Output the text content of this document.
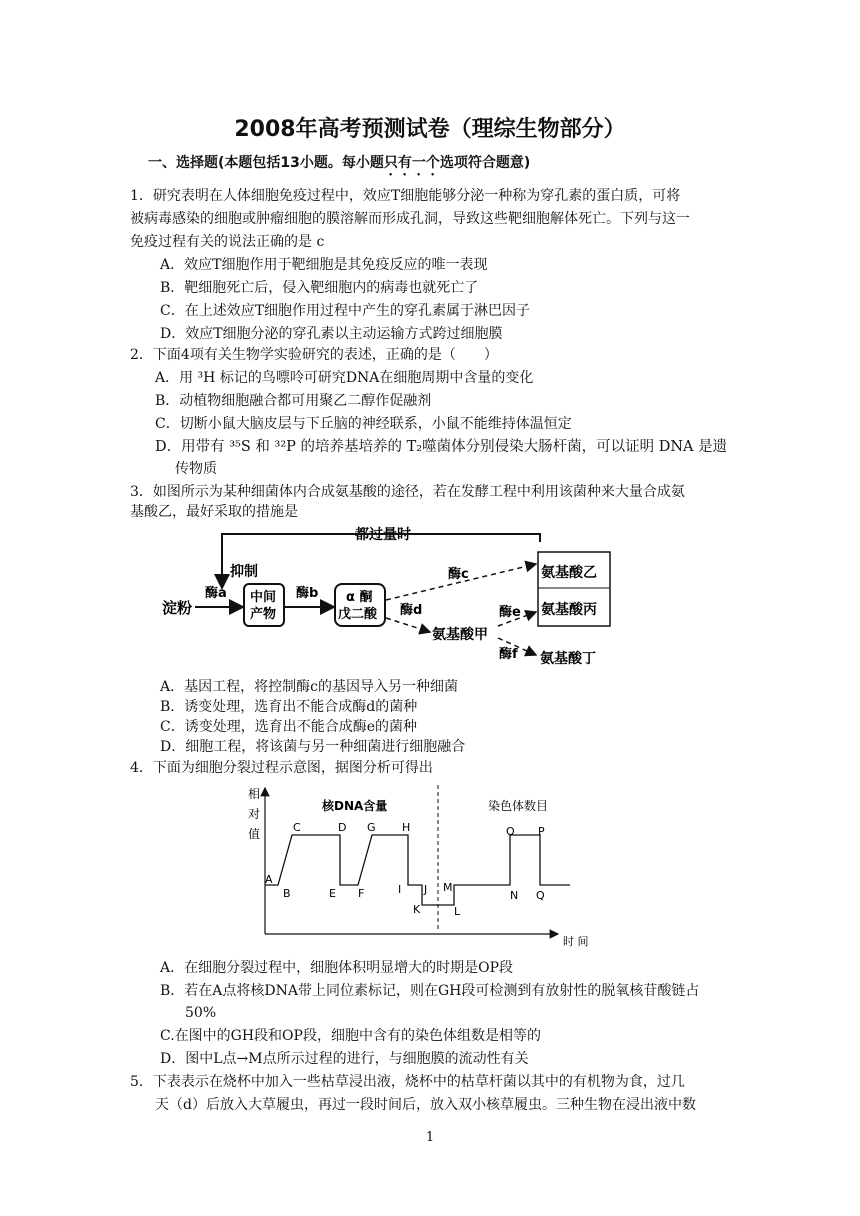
2008年高考预测试卷（理综生物部分）
一、选择题(本题包括13小题。每小题只有一个选项符合题意)
1．研究表明在人体细胞免疫过程中，效应T细胞能够分泌一种称为穿孔素的蛋白质，可将
被病毒感染的细胞或肿瘤细胞的膜溶解而形成孔洞，导致这些靶细胞解体死亡。下列与这一
免疫过程有关的说法正确的是 c
A．效应T细胞作用于靶细胞是其免疫反应的唯一表现
B．靶细胞死亡后，侵入靶细胞内的病毒也就死亡了
C．在上述效应T细胞作用过程中产生的穿孔素属于淋巴因子
D．效应T细胞分泌的穿孔素以主动运输方式跨过细胞膜
2．下面4项有关生物学实验研究的表述，正确的是（　　）
A．用 ³H 标记的鸟嘌呤可研究DNA在细胞周期中含量的变化
B．动植物细胞融合都可用聚乙二醇作促融剂
C．切断小鼠大脑皮层与下丘脑的神经联系，小鼠不能维持体温恒定
D．用带有 ³⁵S 和 ³²P 的培养基培养的 T₂噬菌体分别侵染大肠杆菌，可以证明 DNA 是遗
传物质
3．如图所示为某种细菌体内合成氨基酸的途径，若在发酵工程中利用该菌种来大量合成氨
基酸乙，最好采取的措施是
都过量时
抑制
淀粉
酶a 中间
产物
酶b α 酮
戊二酸
酶c
酶d
氨基酸甲
酶e
酶f
氨基酸乙
氨基酸丙
氨基酸丁
A．基因工程，将控制酶c的基因导入另一种细菌
B．诱变处理，选育出不能合成酶d的菌种
C．诱变处理，选育出不能合成酶e的菌种
D．细胞工程，将该菌与另一种细菌进行细胞融合
4．下面为细胞分裂过程示意图，据图分析可得出
相
对
值
时 间
核DNA含量	染色体数目
A
B
C	D
E F
G H
I J
K	L
M
N
O P
Q
A．在细胞分裂过程中，细胞体积明显增大的时期是OP段
B．若在A点将核DNA带上同位素标记，则在GH段可检测到有放射性的脱氧核苷酸链占
50%
C.在图中的GH段和OP段，细胞中含有的染色体组数是相等的
D．图中L点→M点所示过程的进行，与细胞膜的流动性有关
5．下表表示在烧杯中加入一些枯草浸出液，烧杯中的枯草杆菌以其中的有机物为食，过几
天（d）后放入大草履虫，再过一段时间后，放入双小核草履虫。三种生物在浸出液中数
1
